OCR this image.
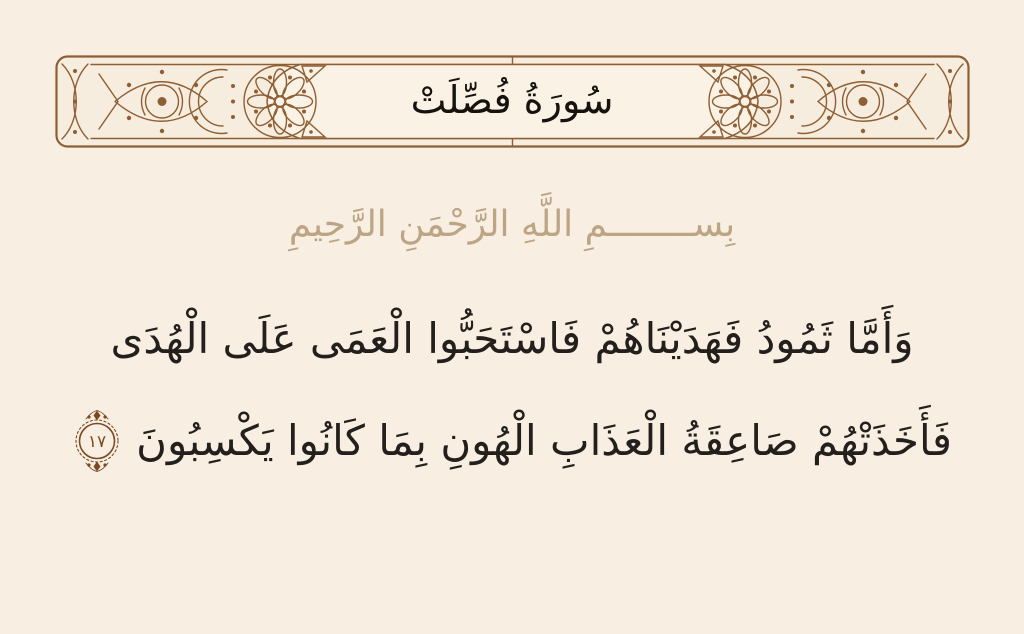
سُورَةُ فُصِّلَتْ
بِســــــــمِ اللَّهِ الرَّحْمَنِ الرَّحِيمِ
وَأَمَّا ثَمُودُ فَهَدَيْنَاهُمْ فَاسْتَحَبُّوا الْعَمَى عَلَى الْهُدَى
فَأَخَذَتْهُمْ صَاعِقَةُ الْعَذَابِ الْهُونِ بِمَا كَانُوا يَكْسِبُونَ
١٧
